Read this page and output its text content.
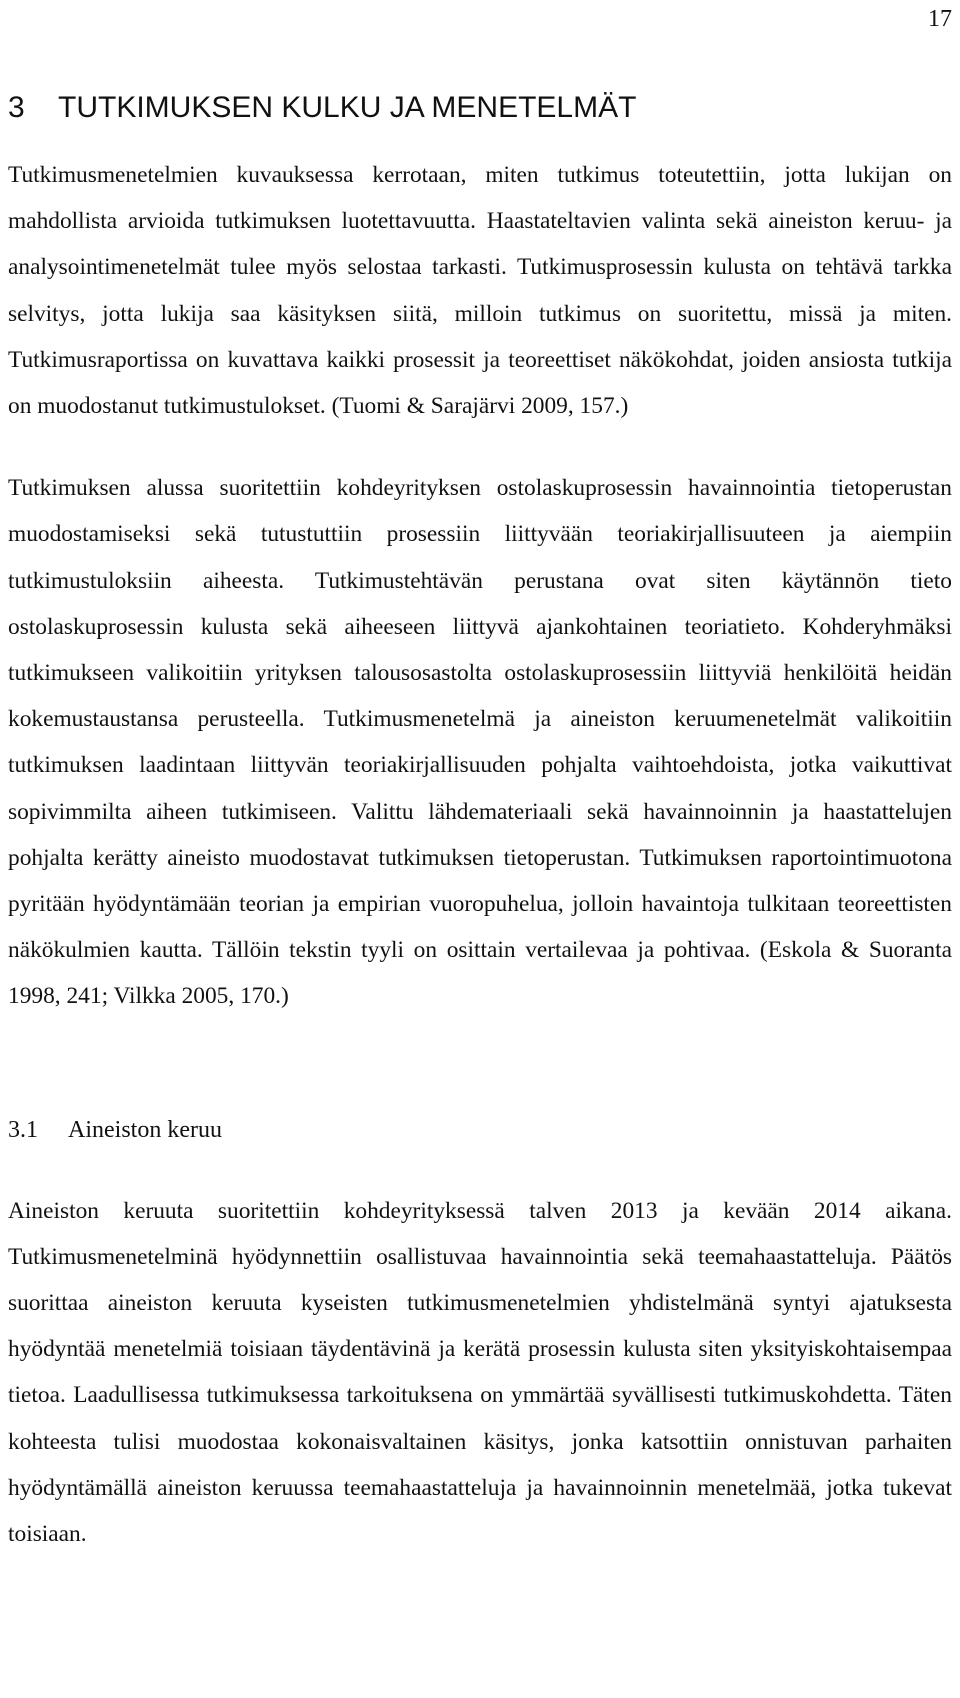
17
3 TUTKIMUKSEN KULKU JA MENETELMÄT

Tutkimusmenetelmien kuvauksessa kerrotaan, miten tutkimus toteutettiin, jotta lukijan on mahdollista arvioida tutkimuksen luotettavuutta. Haastateltavien valinta sekä aineiston keruu- ja analysointimenetelmät tulee myös selostaa tarkasti. Tutkimusprosessin kulusta on tehtävä tarkka selvitys, jotta lukija saa käsityksen siitä, milloin tutkimus on suoritettu, missä ja miten. Tutkimusraportissa on kuvattava kaikki prosessit ja teoreettiset näkökohdat, joiden ansiosta tutkija on muodostanut tutkimustulokset. (Tuomi & Sarajärvi 2009, 157.)

Tutkimuksen alussa suoritettiin kohdeyrityksen ostolaskuprosessin havainnointia tietoperustan muodostamiseksi sekä tutustuttiin prosessiin liittyvään teoriakirjallisuuteen ja aiempiin tutkimustuloksiin aiheesta. Tutkimustehtävän perustana ovat siten käytännön tieto ostolaskuprosessin kulusta sekä aiheeseen liittyvä ajankohtainen teoriatieto. Kohderyhmäksi tutkimukseen valikoitiin yrityksen talousosastolta ostolaskuprosessiin liittyviä henkilöitä heidän kokemustaustansa perusteella. Tutkimusmenetelmä ja aineiston keruumenetelmät valikoitiin tutkimuksen laadintaan liittyvän teoriakirjallisuuden pohjalta vaihtoehdoista, jotka vaikuttivat sopivimmilta aiheen tutkimiseen. Valittu lähdemateriaali sekä havainnoinnin ja haastattelujen pohjalta kerätty aineisto muodostavat tutkimuksen tietoperustan. Tutkimuksen raportointimuotona pyritään hyödyntämään teorian ja empirian vuoropuhelua, jolloin havaintoja tulkitaan teoreettisten näkökulmien kautta. Tällöin tekstin tyyli on osittain vertailevaa ja pohtivaa. (Eskola & Suoranta 1998, 241; Vilkka 2005, 170.)

3.1 Aineiston keruu

Aineiston keruuta suoritettiin kohdeyrityksessä talven 2013 ja kevään 2014 aikana. Tutkimusmenetelminä hyödynnettiin osallistuvaa havainnointia sekä teemahaastatteluja. Päätös suorittaa aineiston keruuta kyseisten tutkimusmenetelmien yhdistelmänä syntyi ajatuksesta hyödyntää menetelmiä toisiaan täydentävinä ja kerätä prosessin kulusta siten yksityiskohtaisempaa tietoa. Laadullisessa tutkimuksessa tarkoituksena on ymmärtää syvällisesti tutkimuskohdetta. Täten kohteesta tulisi muodostaa kokonaisvaltainen käsitys, jonka katsottiin onnistuvan parhaiten hyödyntämällä aineiston keruussa teemahaastatteluja ja havainnoinnin menetelmää, jotka tukevat toisiaan.
